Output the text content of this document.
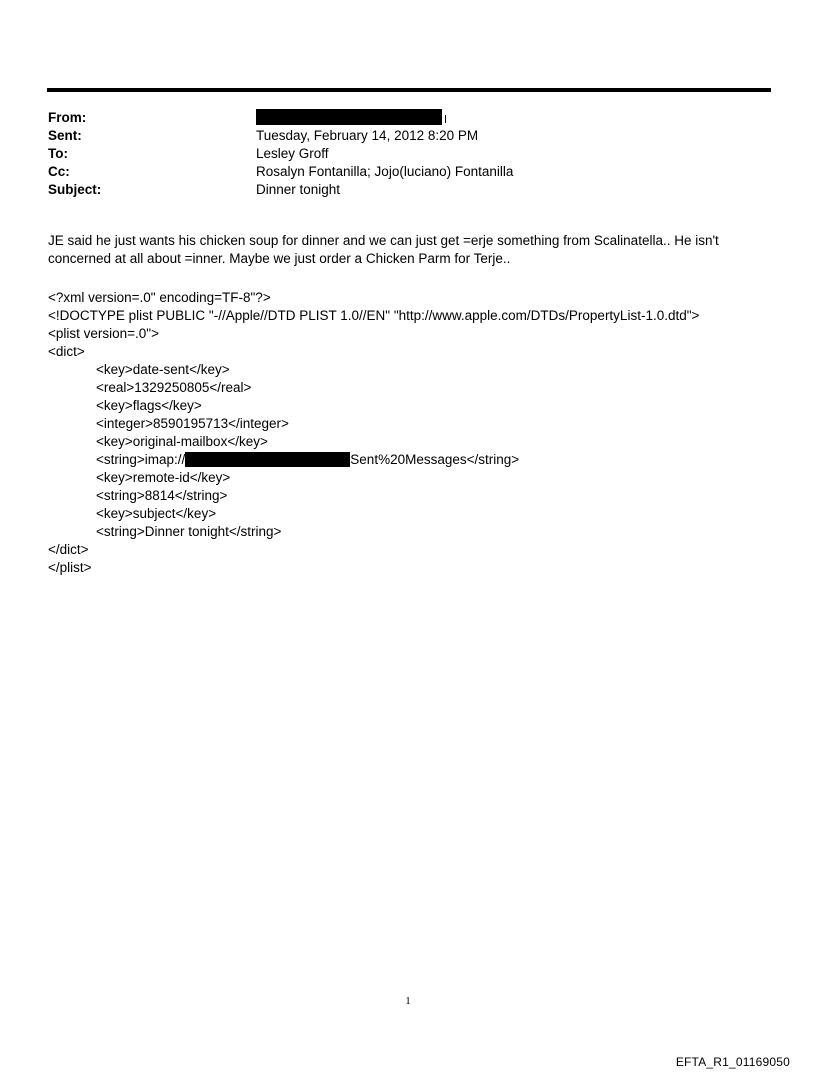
From:
Sent:	Tuesday, February 14, 2012 8:20 PM
To:	Lesley Groff
Cc:	Rosalyn Fontanilla; Jojo(luciano) Fontanilla
Subject:	Dinner tonight

JE said he just wants his chicken soup for dinner and we can just get =erje something from Scalinatella.. He isn't

concerned at all about =inner. Maybe we just order a Chicken Parm for Terje..

<?xml version=.0" encoding=TF-8"?>
<!DOCTYPE plist PUBLIC "-//Apple//DTD PLIST 1.0//EN" "http://www.apple.com/DTDs/PropertyList-1.0.dtd">
<plist version=.0">
<dict>
<key>date-sent</key>
<real>1329250805</real>
<key>flags</key>
<integer>8590195713</integer>
<key>original-mailbox</key>
<string>imap://	Sent%20Messages</string>
<key>remote-id</key>
<string>8814</string>
<key>subject</key>
<string>Dinner tonight</string>
</dict>
</plist>
1
EFTA_R1_01169050
